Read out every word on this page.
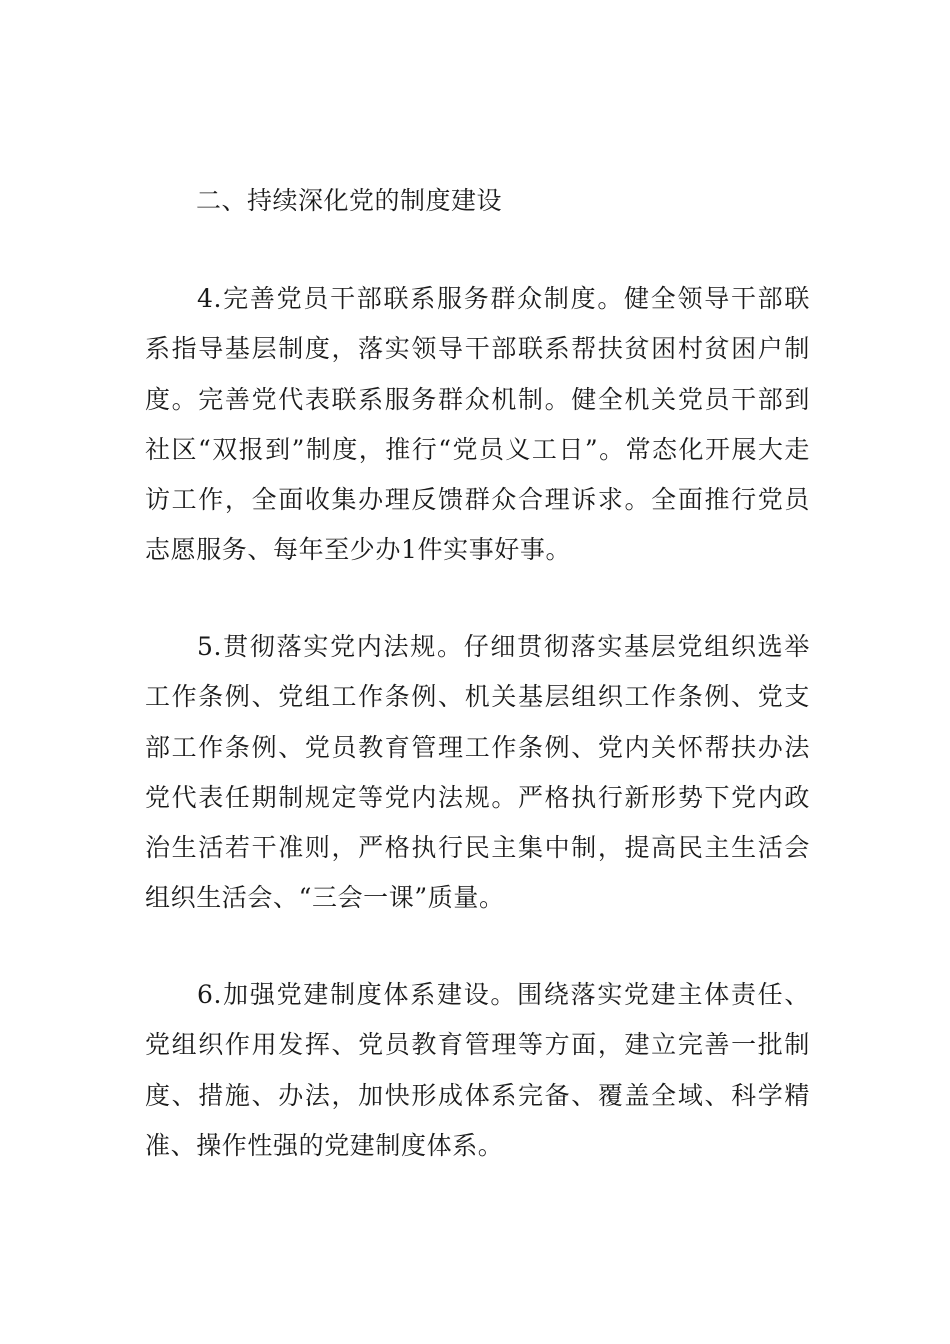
二、持续深化党的制度建设

4.完善党员干部联系服务群众制度。健全领导干部联系指导基层制度，落实领导干部联系帮扶贫困村贫困户制度。完善党代表联系服务群众机制。健全机关党员干部到社区“双报到”制度，推行“党员义工日”。常态化开展大走访工作，全面收集办理反馈群众合理诉求。全面推行党员志愿服务、每年至少办1件实事好事。

5.贯彻落实党内法规。仔细贯彻落实基层党组织选举工作条例、党组工作条例、机关基层组织工作条例、党支部工作条例、党员教育管理工作条例、党内关怀帮扶办法党代表任期制规定等党内法规。严格执行新形势下党内政治生活若干准则，严格执行民主集中制，提高民主生活会组织生活会、“三会一课”质量。

6.加强党建制度体系建设。围绕落实党建主体责任、党组织作用发挥、党员教育管理等方面，建立完善一批制度、措施、办法，加快形成体系完备、覆盖全域、科学精准、操作性强的党建制度体系。
